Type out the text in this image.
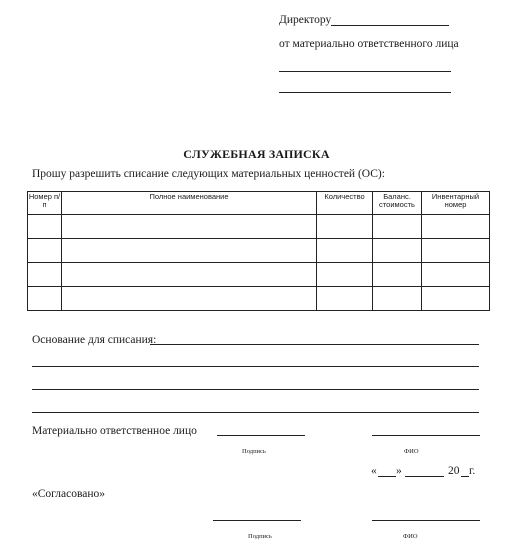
Директору
от материально ответственного лица
СЛУЖЕБНАЯ ЗАПИСКА
Прошу разрешить списание следующих материальных ценностей (ОС):
Номер п/п	Полное наименование	Количество	Баланс. стоимость	Инвентарный номер

Основание для списания:
Материально ответственное лицо
Подпись	ФИО
« »	20 г.
«Согласовано»
Подпись	ФИО
